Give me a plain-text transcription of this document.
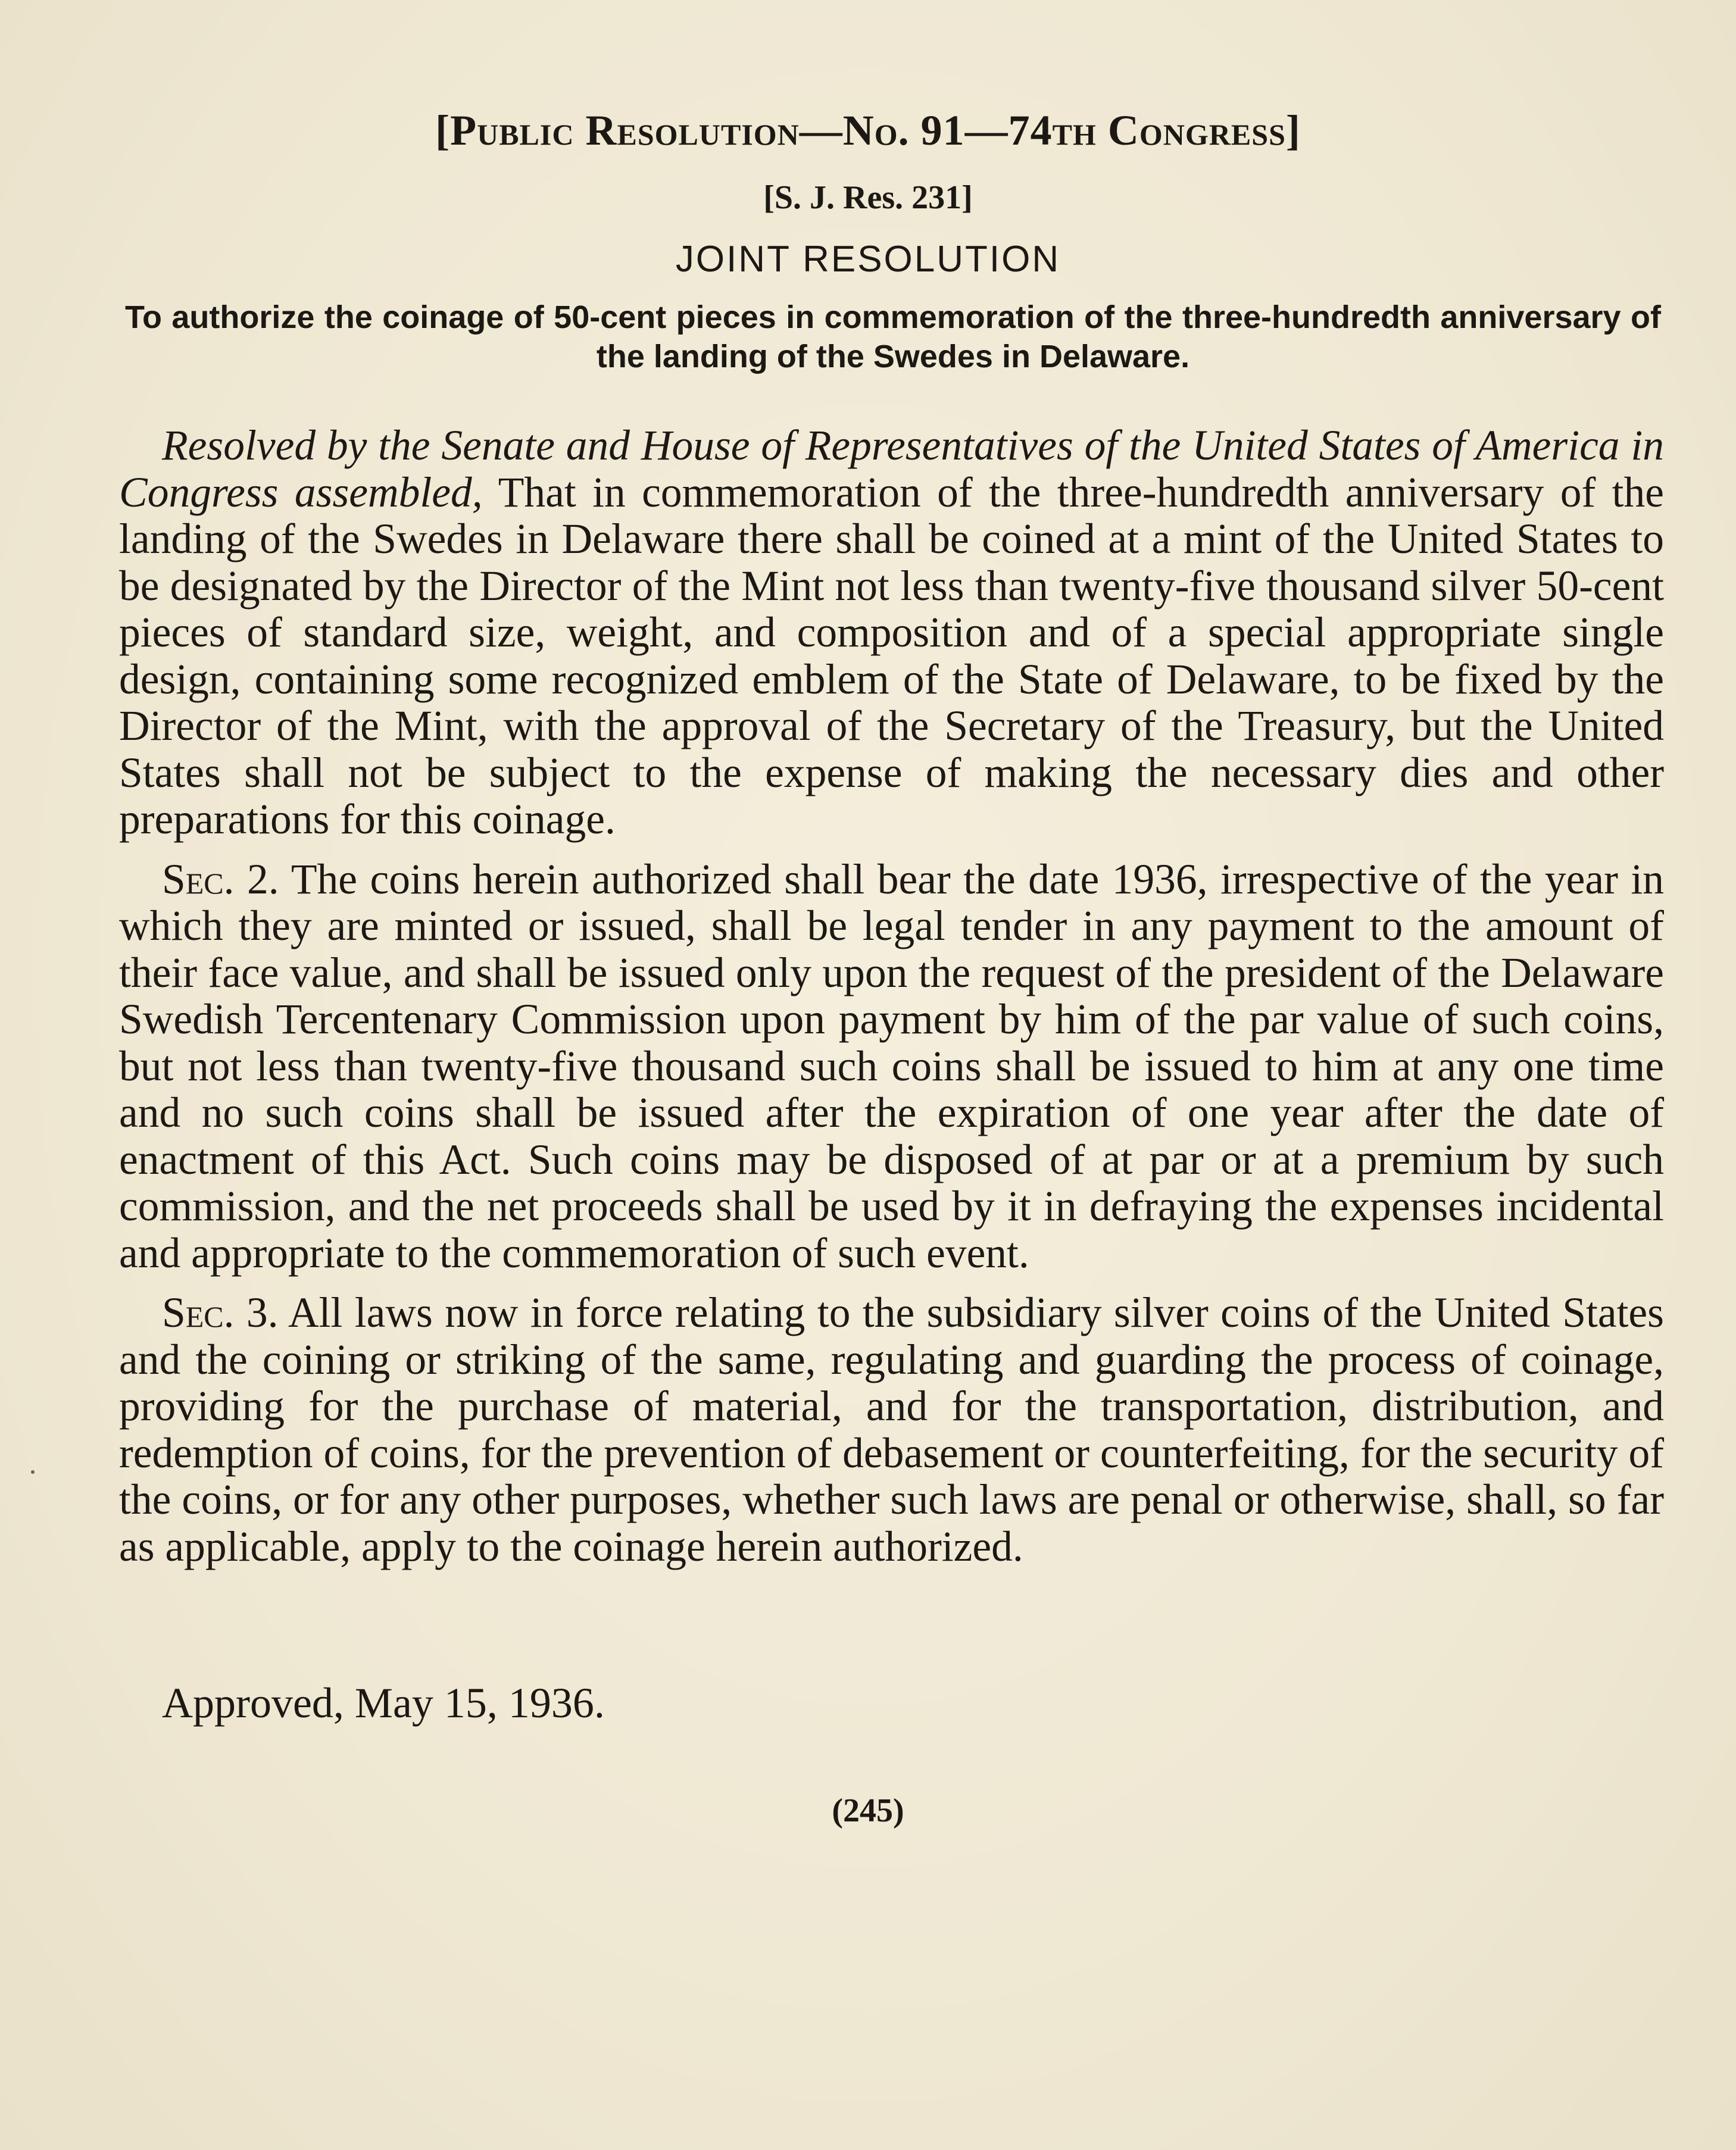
[Public Resolution—No. 91—74th Congress]
[S. J. Res. 231]
JOINT RESOLUTION
To authorize the coinage of 50-cent pieces in commemoration of the three-hundredth anniversary of the landing of the Swedes in Delaware.

Resolved by the Senate and House of Representatives of the United States of America in Congress assembled, That in commemoration of the three-hundredth anniversary of the landing of the Swedes in Delaware there shall be coined at a mint of the United States to be designated by the Director of the Mint not less than twenty-five thousand silver 50-cent pieces of standard size, weight, and composition and of a special appropriate single design, containing some recognized emblem of the State of Delaware, to be fixed by the Director of the Mint, with the approval of the Secretary of the Treasury, but the United States shall not be subject to the expense of making the necessary dies and other preparations for this coinage.

Sec. 2. The coins herein authorized shall bear the date 1936, irrespective of the year in which they are minted or issued, shall be legal tender in any payment to the amount of their face value, and shall be issued only upon the request of the president of the Delaware Swedish Tercentenary Commission upon payment by him of the par value of such coins, but not less than twenty-five thousand such coins shall be issued to him at any one time and no such coins shall be issued after the expiration of one year after the date of enactment of this Act. Such coins may be disposed of at par or at a premium by such commission, and the net proceeds shall be used by it in defraying the expenses incidental and appropriate to the commemoration of such event.

Sec. 3. All laws now in force relating to the subsidiary silver coins of the United States and the coining or striking of the same, regulating and guarding the process of coinage, providing for the purchase of material, and for the transportation, distribution, and redemption of coins, for the prevention of debasement or counterfeiting, for the security of the coins, or for any other purposes, whether such laws are penal or otherwise, shall, so far as applicable, apply to the coinage herein authorized.

Approved, May 15, 1936.
(245)
